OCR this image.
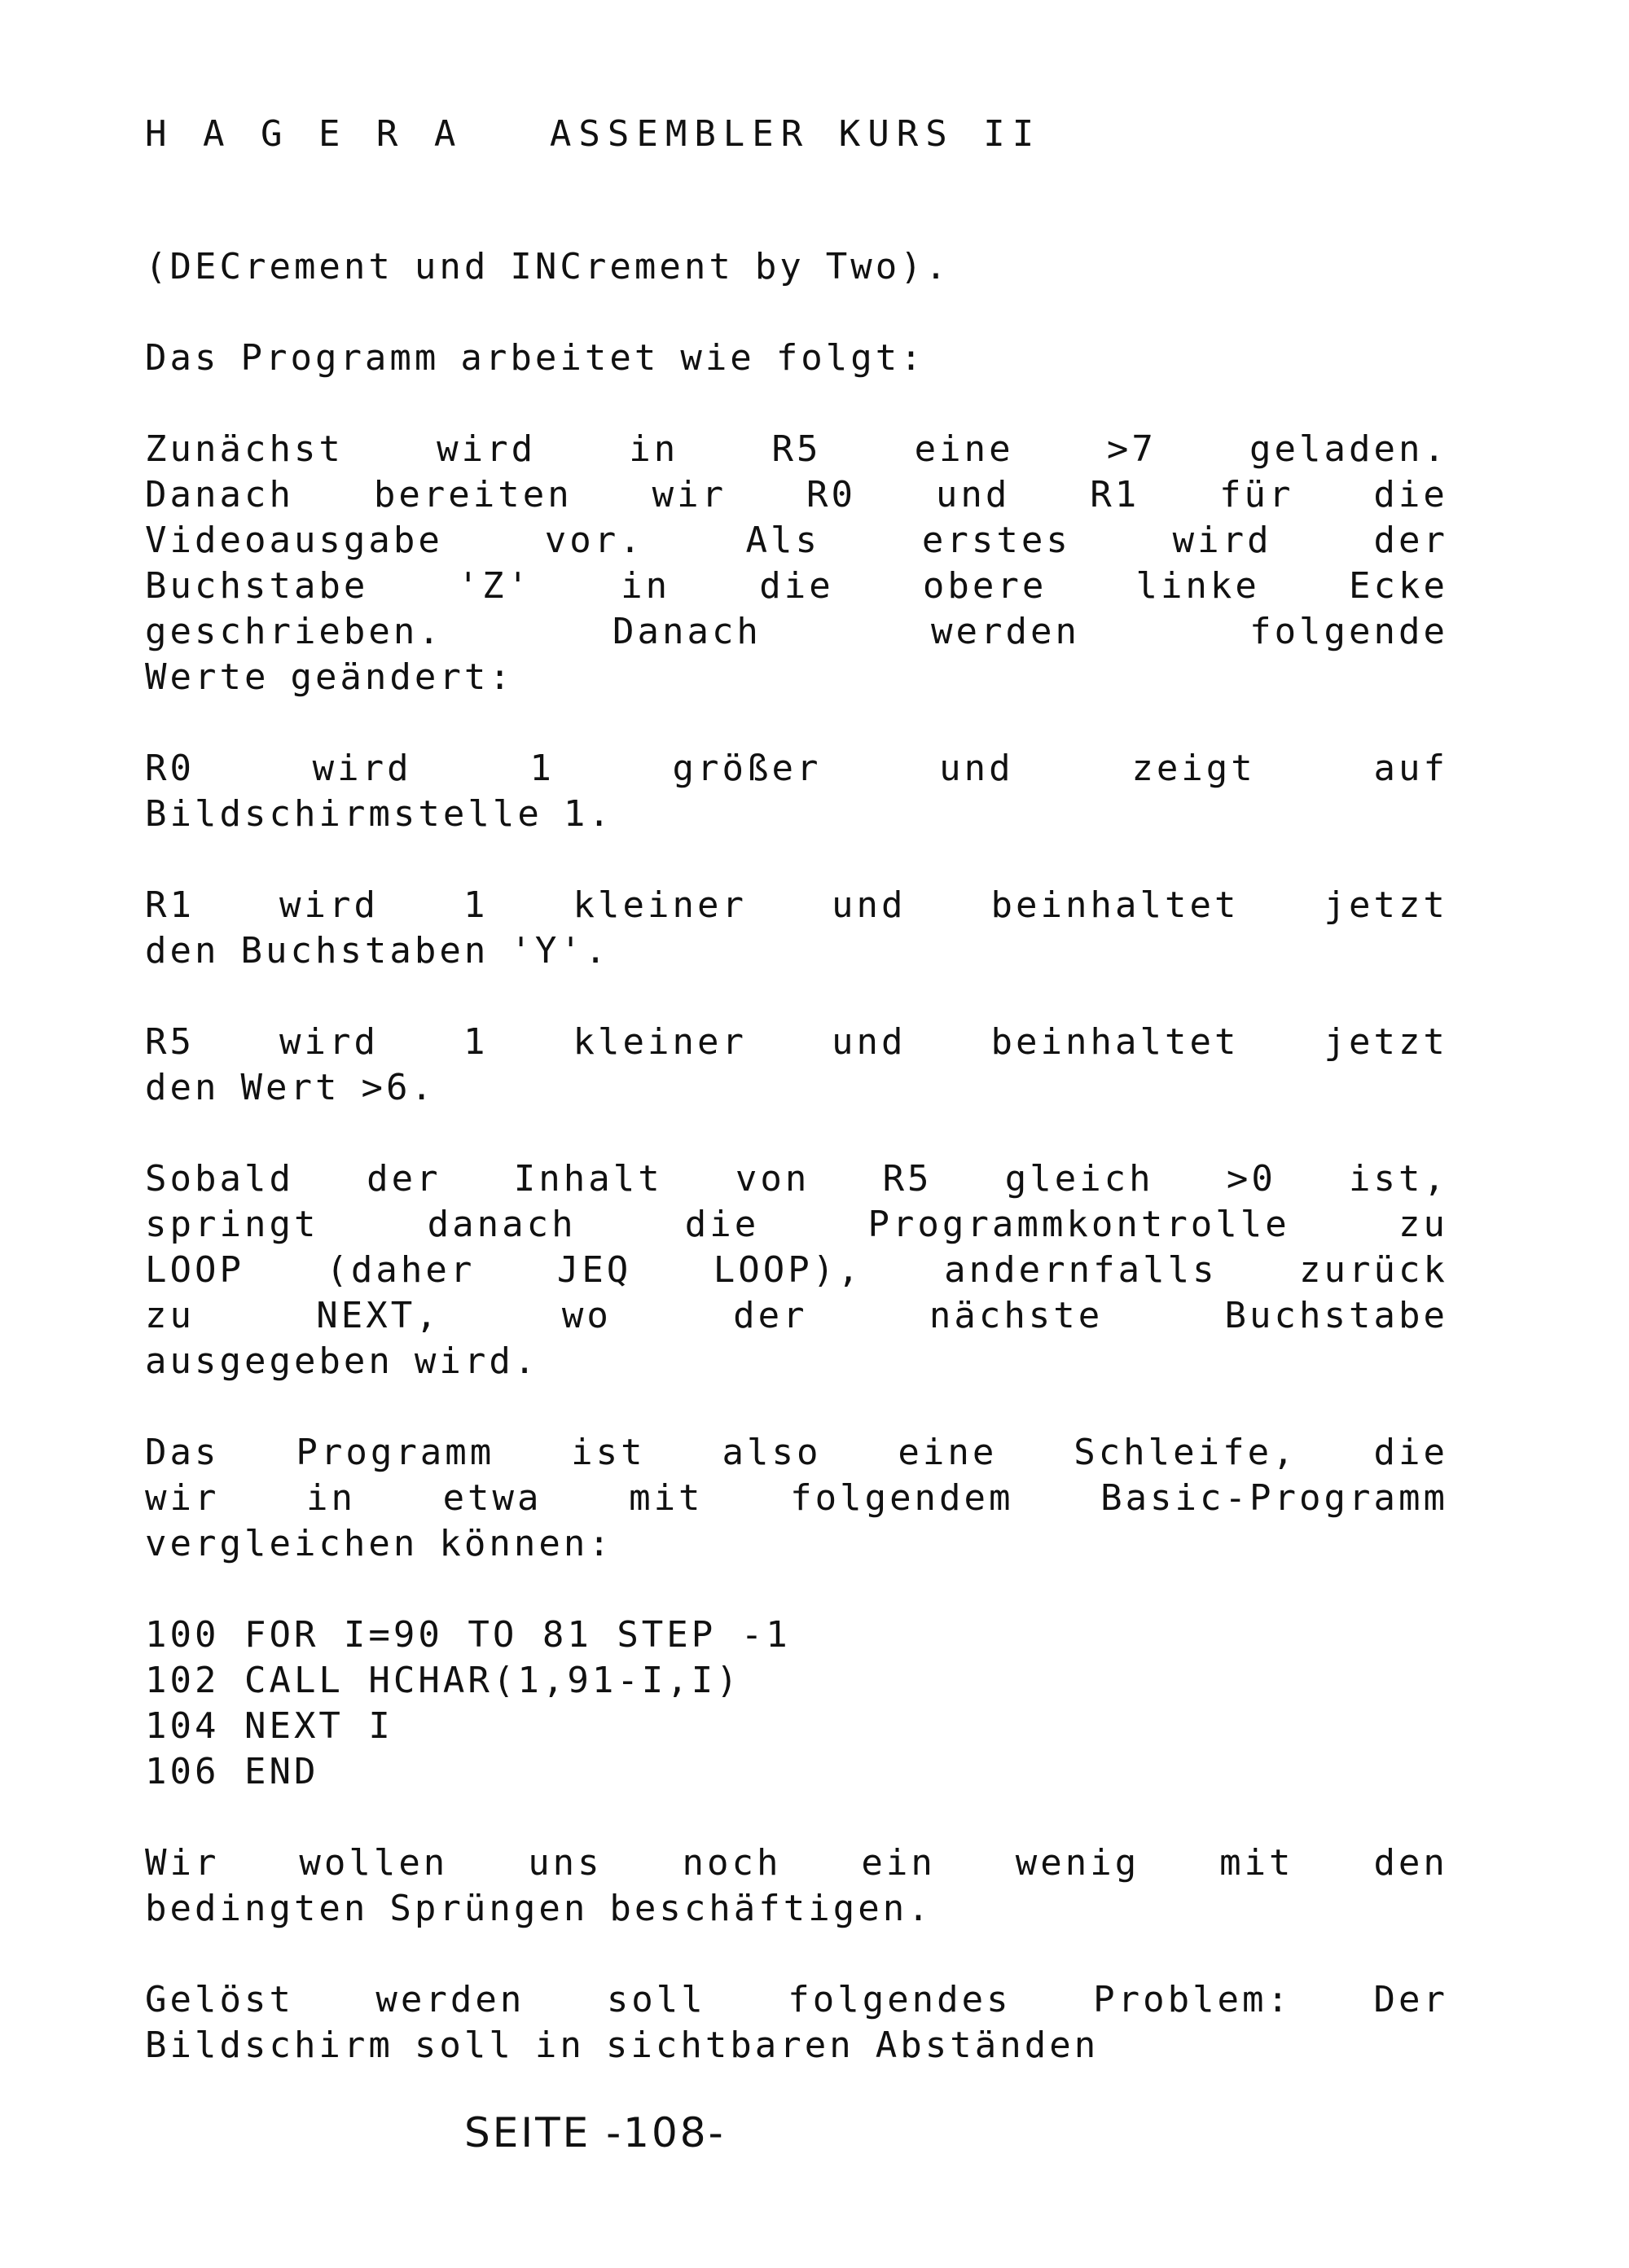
H A G E R A   ASSEMBLER KURS II
(DECrement und INCrement by Two).
Das Programm arbeitet wie folgt:
Zunächst	wird	in	R5	eine	>7	geladen.
Danach bereiten wir R0 und R1 für die
Videoausgabe	vor.	Als	erstes	wird	der
Buchstabe 'Z' in die obere linke Ecke
geschrieben.	Danach	werden	folgende
Werte geändert:
R0	wird	1	größer	und	zeigt	auf
Bildschirmstelle 1.
R1 wird 1 kleiner und beinhaltet jetzt
den Buchstaben 'Y'.
R5 wird 1 kleiner und beinhaltet jetzt
den Wert >6.
Sobald der Inhalt von R5 gleich >0 ist,
springt	danach	die	Programmkontrolle	zu
LOOP (daher JEQ LOOP), andernfalls zurück
zu	NEXT,	wo	der	nächste	Buchstabe
ausgegeben wird.
Das Programm ist also eine Schleife, die
wir in etwa mit folgendem Basic-Programm
vergleichen können:
100 FOR I=90 TO 81 STEP -1
102 CALL HCHAR(1,91-I,I)
104 NEXT I
106 END
Wir wollen uns noch ein wenig mit den
bedingten Sprüngen beschäftigen.
Gelöst werden soll folgendes Problem: Der
Bildschirm soll in sichtbaren Abständen
SEITE -108-
